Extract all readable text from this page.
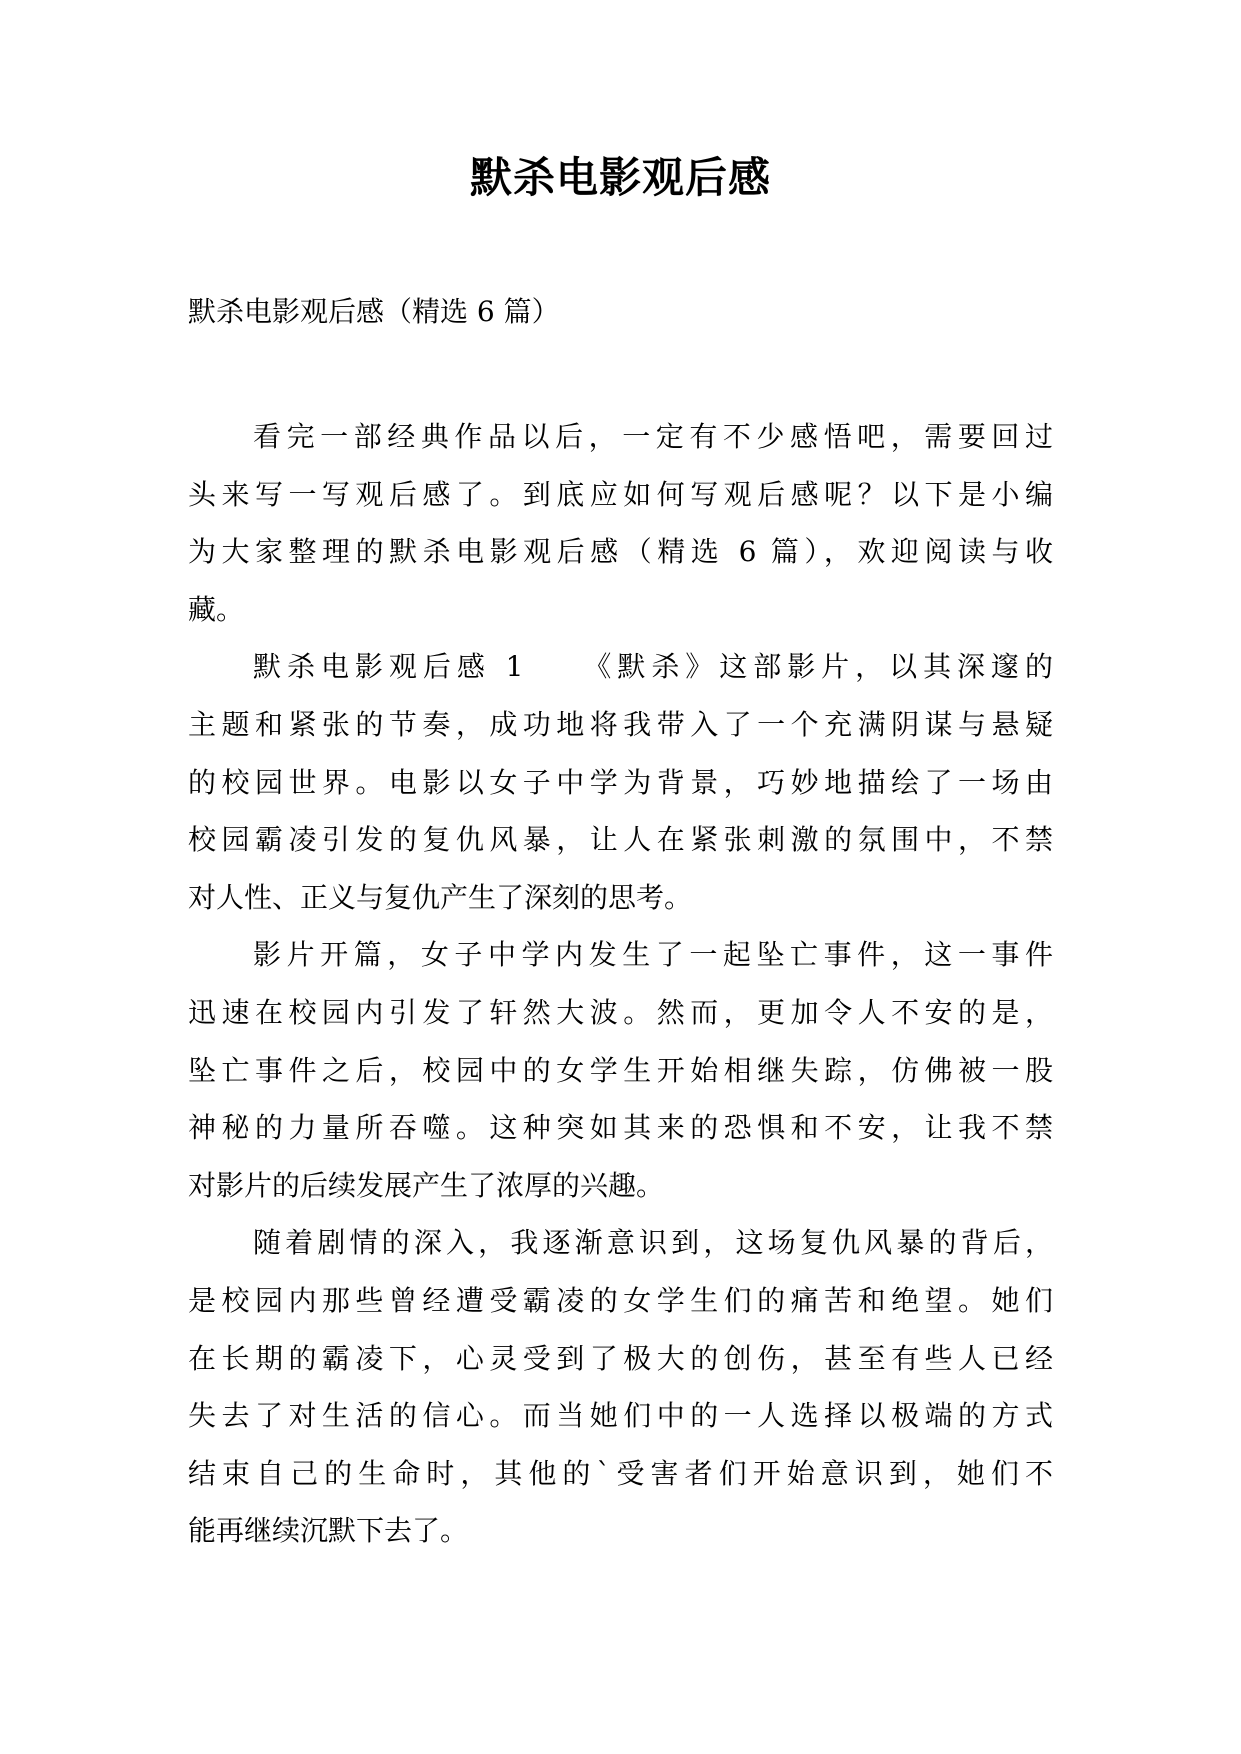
默杀电影观后感
默杀电影观后感（精选 6 篇）
看完一部经典作品以后，一定有不少感悟吧，需要回过
头来写一写观后感了。到底应如何写观后感呢？以下是小编
为大家整理的默杀电影观后感（精选 6 篇），欢迎阅读与收
藏。
默杀电影观后感 1　　《默杀》这部影片，以其深邃的
主题和紧张的节奏，成功地将我带入了一个充满阴谋与悬疑
的校园世界。电影以女子中学为背景，巧妙地描绘了一场由
校园霸凌引发的复仇风暴，让人在紧张刺激的氛围中，不禁
对人性、正义与复仇产生了深刻的思考。
影片开篇，女子中学内发生了一起坠亡事件，这一事件
迅速在校园内引发了轩然大波。然而，更加令人不安的是，
坠亡事件之后，校园中的女学生开始相继失踪，仿佛被一股
神秘的力量所吞噬。这种突如其来的恐惧和不安，让我不禁
对影片的后续发展产生了浓厚的兴趣。
随着剧情的深入，我逐渐意识到，这场复仇风暴的背后，
是校园内那些曾经遭受霸凌的女学生们的痛苦和绝望。她们
在长期的霸凌下，心灵受到了极大的创伤，甚至有些人已经
失去了对生活的信心。而当她们中的一人选择以极端的方式
结束自己的生命时，其他的`受害者们开始意识到，她们不
能再继续沉默下去了。
